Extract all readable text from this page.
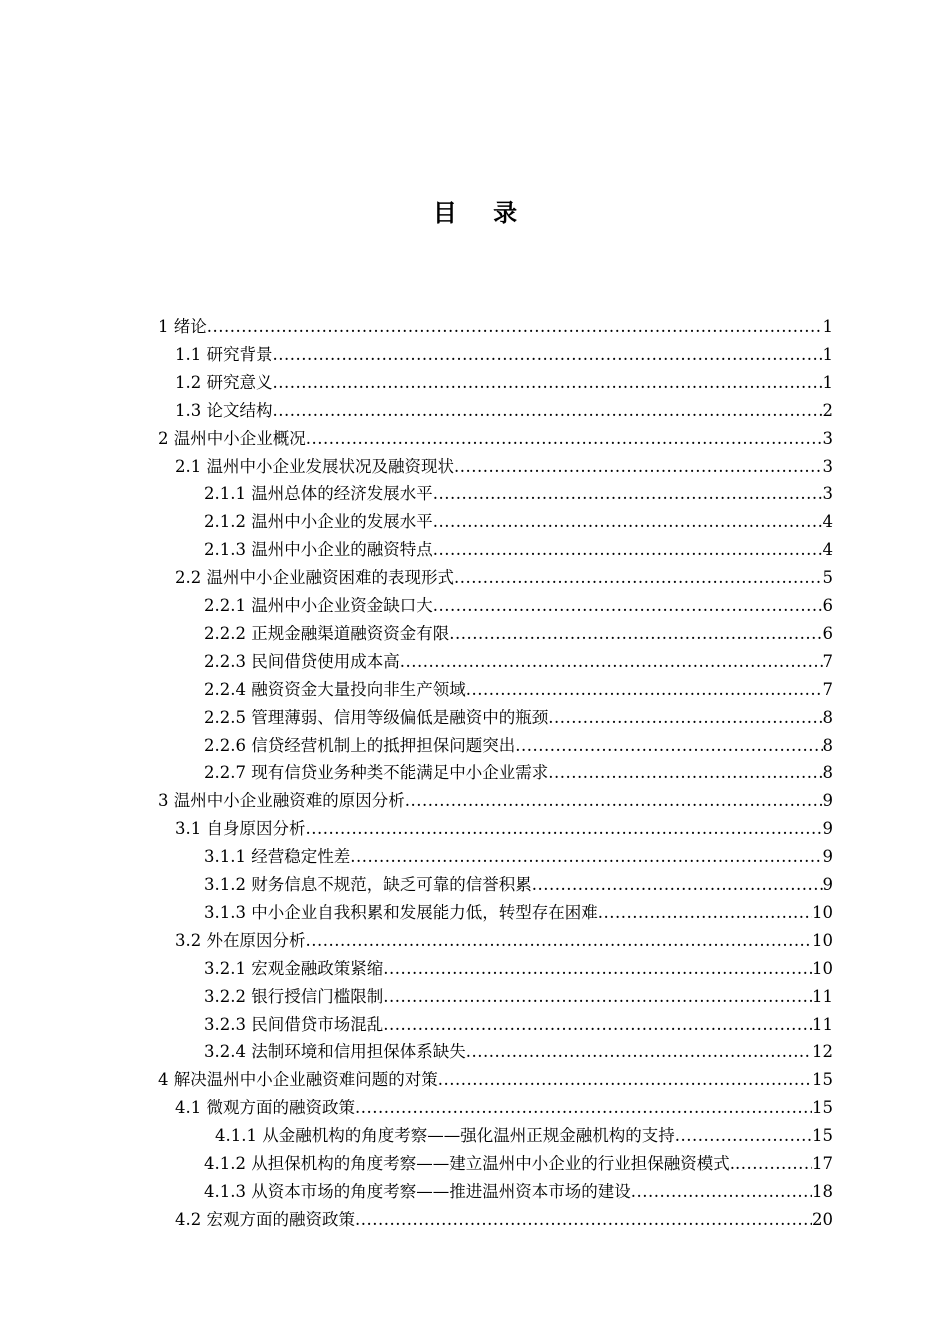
目 录
1 绪论 .....	1
1.1 研究背景 .....	1
1.2 研究意义 .....	1
1.3 论文结构 .....	2
2 温州中小企业概况 .....	3
2.1 温州中小企业发展状况及融资现状 .....	3
2.1.1 温州总体的经济发展水平 .....	3
2.1.2 温州中小企业的发展水平 .....	4
2.1.3 温州中小企业的融资特点 .....	4
2.2 温州中小企业融资困难的表现形式 .....	5
2.2.1 温州中小企业资金缺口大 .....	6
2.2.2 正规金融渠道融资资金有限 .....	6
2.2.3 民间借贷使用成本高 .....	7
2.2.4 融资资金大量投向非生产领域 .....	7
2.2.5 管理薄弱、信用等级偏低是融资中的瓶颈 .....	8
2.2.6 信贷经营机制上的抵押担保问题突出 .....	8
2.2.7 现有信贷业务种类不能满足中小企业需求 .....	8
3 温州中小企业融资难的原因分析 .....	9
3.1 自身原因分析 .....	9
3.1.1 经营稳定性差 .....	9
3.1.2 财务信息不规范，缺乏可靠的信誉积累 .....	9
3.1.3 中小企业自我积累和发展能力低，转型存在困难 .....	10
3.2 外在原因分析 .....	10
3.2.1 宏观金融政策紧缩 .....	10
3.2.2 银行授信门槛限制 .....	11
3.2.3 民间借贷市场混乱 .....	11
3.2.4 法制环境和信用担保体系缺失 .....	12
4 解决温州中小企业融资难问题的对策 .....	15
4.1 微观方面的融资政策 .....	15
4.1.1 从金融机构的角度考察——强化温州正规金融机构的支持 .....	15
4.1.2 从担保机构的角度考察——建立温州中小企业的行业担保融资模式. .....	17
4.1.3 从资本市场的角度考察——推进温州资本市场的建设 .....	18
4.2 宏观方面的融资政策 .....	20
